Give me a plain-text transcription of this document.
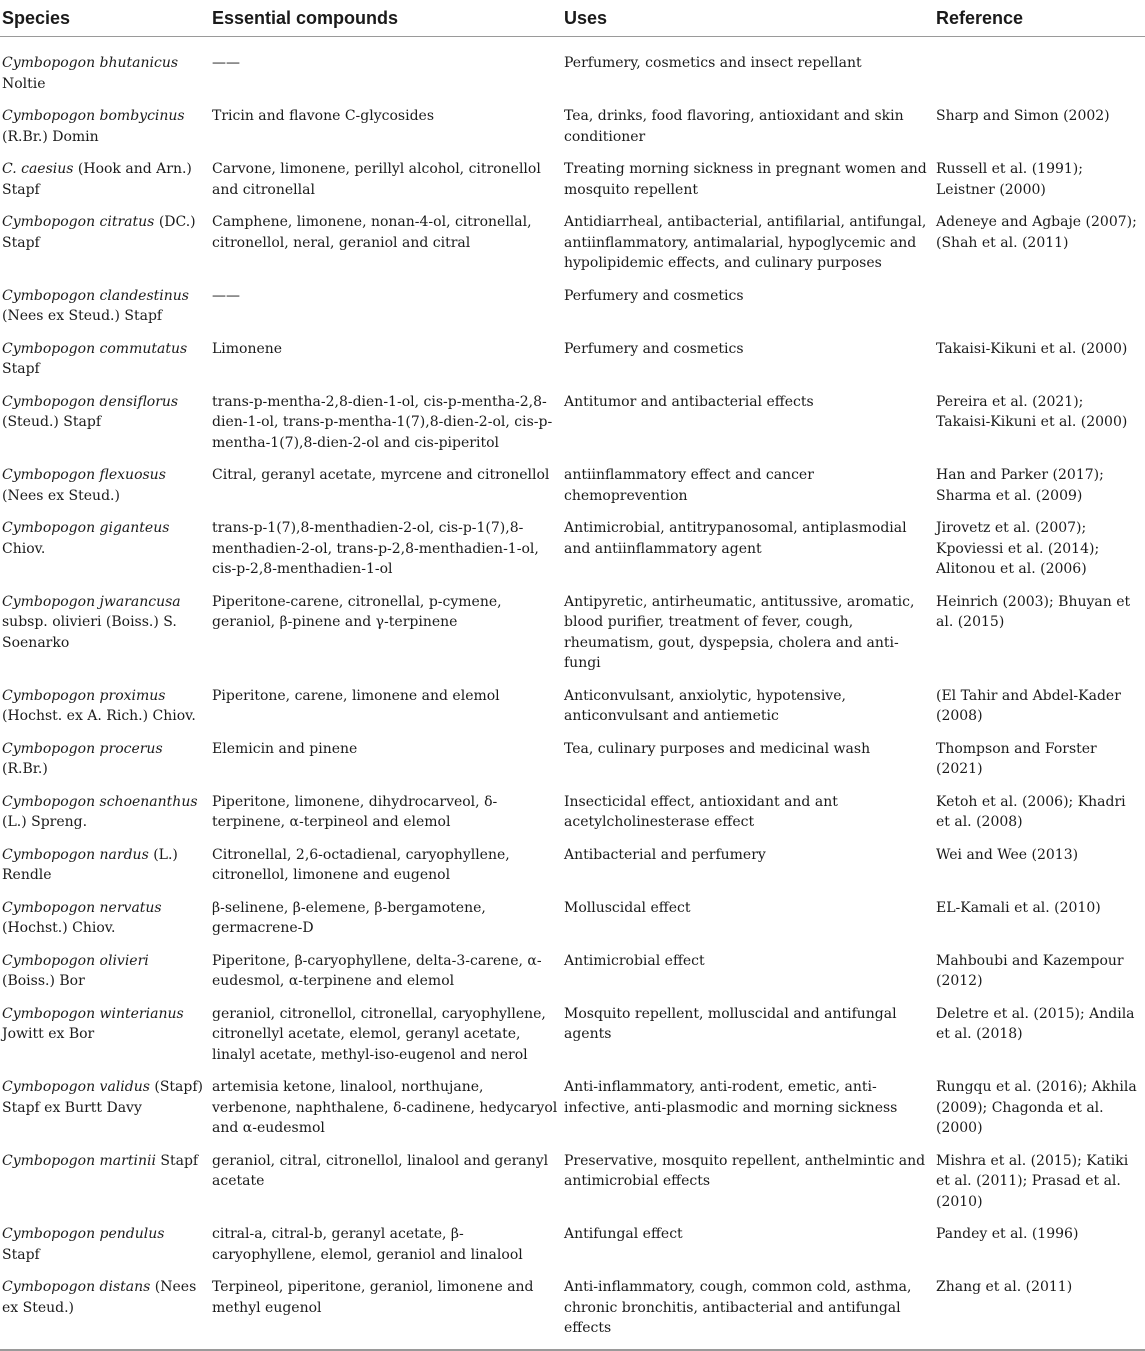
Species	Essential compounds	Uses	Reference
Cymbopogon bhutanicus Noltie	——	Perfumery, cosmetics and insect repellant	
Cymbopogon bombycinus (R.Br.) Domin	Tricin and flavone C-glycosides	Tea, drinks, food flavoring, antioxidant and skin conditioner	Sharp and Simon (2002)
C. caesius (Hook and Arn.) Stapf	Carvone, limonene, perillyl alcohol, citronellol and citronellal	Treating morning sickness in pregnant women and mosquito repellent	Russell et al. (1991); Leistner (2000)
Cymbopogon citratus (DC.) Stapf	Camphene, limonene, nonan-4-ol, citronellal, citronellol, neral, geraniol and citral	Antidiarrheal, antibacterial, antifilarial, antifungal, antiinflammatory, antimalarial, hypoglycemic and hypolipidemic effects, and culinary purposes	Adeneye and Agbaje (2007); (Shah et al. (2011)
Cymbopogon clandestinus (Nees ex Steud.) Stapf	——	Perfumery and cosmetics	
Cymbopogon commutatus Stapf	Limonene	Perfumery and cosmetics	Takaisi-Kikuni et al. (2000)
Cymbopogon densiflorus (Steud.) Stapf	trans-p-mentha-2,8-dien-1-ol, cis-p-mentha-2,8-dien-1-ol, trans-p-mentha-1(7),8-dien-2-ol, cis-p-mentha-1(7),8-dien-2-ol and cis-piperitol	Antitumor and antibacterial effects	Pereira et al. (2021); Takaisi-Kikuni et al. (2000)
Cymbopogon flexuosus (Nees ex Steud.)	Citral, geranyl acetate, myrcene and citronellol	antiinflammatory effect and cancer chemoprevention	Han and Parker (2017); Sharma et al. (2009)
Cymbopogon giganteus Chiov.	trans-p-1(7),8-menthadien-2-ol, cis-p-1(7),8-menthadien-2-ol, trans-p-2,8-menthadien-1-ol, cis-p-2,8-menthadien-1-ol	Antimicrobial, antitrypanosomal, antiplasmodial and antiinflammatory agent	Jirovetz et al. (2007); Kpoviessi et al. (2014); Alitonou et al. (2006)
Cymbopogon jwarancusa subsp. olivieri (Boiss.) S. Soenarko	Piperitone-carene, citronellal, p-cymene, geraniol, β-pinene and γ-terpinene	Antipyretic, antirheumatic, antitussive, aromatic, blood purifier, treatment of fever, cough, rheumatism, gout, dyspepsia, cholera and anti-fungi	Heinrich (2003); Bhuyan et al. (2015)
Cymbopogon proximus (Hochst. ex A. Rich.) Chiov.	Piperitone, carene, limonene and elemol	Anticonvulsant, anxiolytic, hypotensive, anticonvulsant and antiemetic	(El Tahir and Abdel-Kader (2008)
Cymbopogon procerus (R.Br.)	Elemicin and pinene	Tea, culinary purposes and medicinal wash	Thompson and Forster (2021)
Cymbopogon schoenanthus (L.) Spreng.	Piperitone, limonene, dihydrocarveol, δ-terpinene, α-terpineol and elemol	Insecticidal effect, antioxidant and ant acetylcholinesterase effect	Ketoh et al. (2006); Khadri et al. (2008)
Cymbopogon nardus (L.) Rendle	Citronellal, 2,6-octadienal, caryophyllene, citronellol, limonene and eugenol	Antibacterial and perfumery	Wei and Wee (2013)
Cymbopogon nervatus (Hochst.) Chiov.	β-selinene, β-elemene, β-bergamotene, germacrene-D	Molluscidal effect	EL-Kamali et al. (2010)
Cymbopogon olivieri (Boiss.) Bor	Piperitone, β-caryophyllene, delta-3-carene, α-eudesmol, α-terpinene and elemol	Antimicrobial effect	Mahboubi and Kazempour (2012)
Cymbopogon winterianus Jowitt ex Bor	geraniol, citronellol, citronellal, caryophyllene, citronellyl acetate, elemol, geranyl acetate, linalyl acetate, methyl-iso-eugenol and nerol	Mosquito repellent, molluscidal and antifungal agents	Deletre et al. (2015); Andila et al. (2018)
Cymbopogon validus (Stapf) Stapf ex Burtt Davy	artemisia ketone, linalool, northujane, verbenone, naphthalene, δ-cadinene, hedycaryol and α-eudesmol	Anti-inflammatory, anti-rodent, emetic, anti-infective, anti-plasmodic and morning sickness	Rungqu et al. (2016); Akhila (2009); Chagonda et al. (2000)
Cymbopogon martinii Stapf	geraniol, citral, citronellol, linalool and geranyl acetate	Preservative, mosquito repellent, anthelmintic and antimicrobial effects	Mishra et al. (2015); Katiki et al. (2011); Prasad et al. (2010)
Cymbopogon pendulus Stapf	citral-a, citral-b, geranyl acetate, β-caryophyllene, elemol, geraniol and linalool	Antifungal effect	Pandey et al. (1996)
Cymbopogon distans (Nees ex Steud.)	Terpineol, piperitone, geraniol, limonene and methyl eugenol	Anti-inflammatory, cough, common cold, asthma, chronic bronchitis, antibacterial and antifungal effects	Zhang et al. (2011)
